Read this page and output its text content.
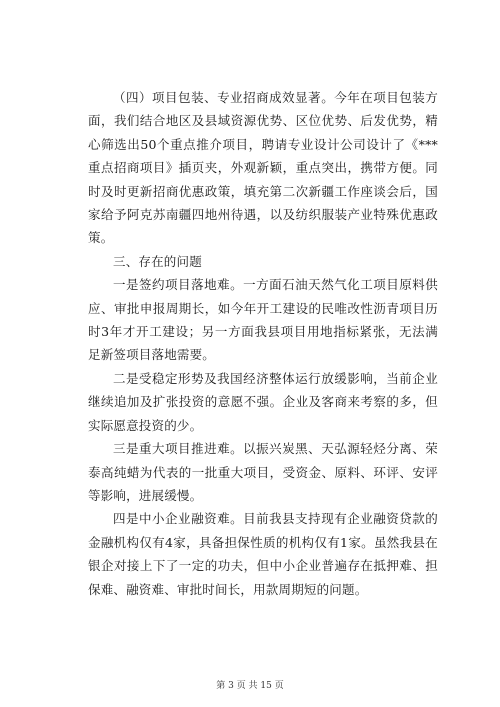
（四）项目包装、专业招商成效显著。今年在项目包装方面，我们结合地区及县域资源优势、区位优势、后发优势，精心筛选出50个重点推介项目，聘请专业设计公司设计了《***重点招商项目》插页夹，外观新颖，重点突出，携带方便。同时及时更新招商优惠政策，填充第二次新疆工作座谈会后，国家给予阿克苏南疆四地州待遇，以及纺织服装产业特殊优惠政策。

三、存在的问题

一是签约项目落地难。一方面石油天然气化工项目原料供应、审批申报周期长，如今年开工建设的民唯改性沥青项目历时3年才开工建设；另一方面我县项目用地指标紧张，无法满足新签项目落地需要。

二是受稳定形势及我国经济整体运行放缓影响，当前企业继续追加及扩张投资的意愿不强。企业及客商来考察的多，但实际愿意投资的少。

三是重大项目推进难。以振兴炭黑、天弘源轻烃分离、荣泰高纯蜡为代表的一批重大项目，受资金、原料、环评、安评等影响，进展缓慢。

四是中小企业融资难。目前我县支持现有企业融资贷款的金融机构仅有4家，具备担保性质的机构仅有1家。虽然我县在银企对接上下了一定的功夫，但中小企业普遍存在抵押难、担保难、融资难、审批时间长，用款周期短的问题。

第 3 页 共 15 页
